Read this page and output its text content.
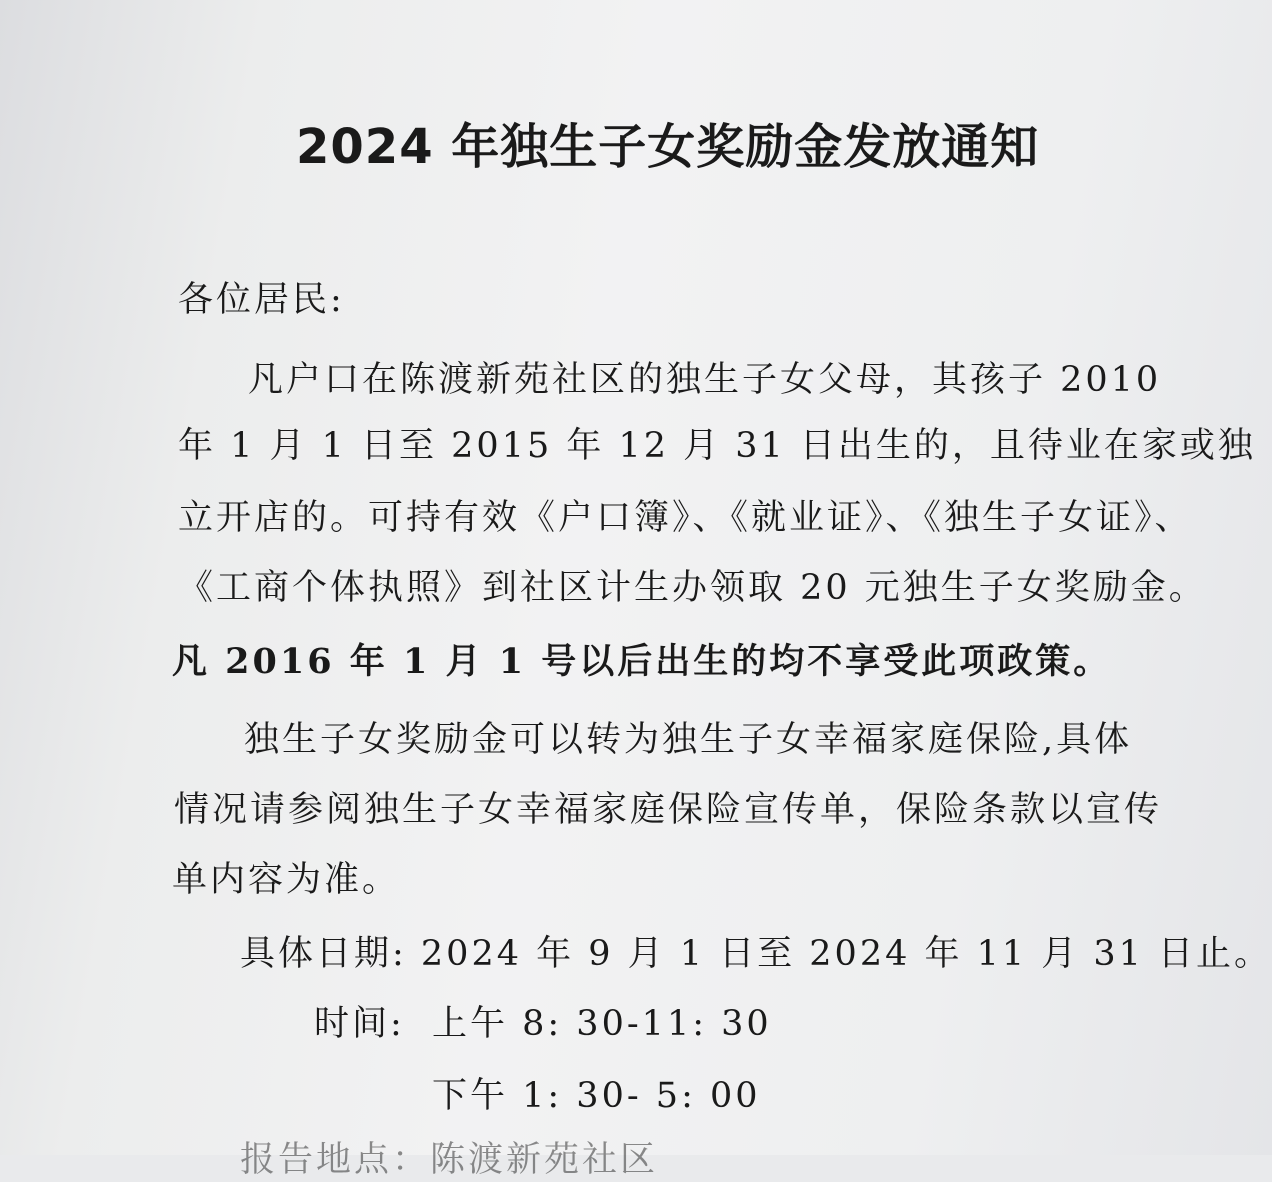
2024 年独生子女奖励金发放通知
各位居民:
凡户口在陈渡新苑社区的独生子女父母，其孩子 2010
年 1 月 1 日至 2015 年 12 月 31 日出生的，且待业在家或独
立开店的。可持有效《户口簿》、《就业证》、《独生子女证》、
《工商个体执照》到社区计生办领取 20 元独生子女奖励金。
凡 2016 年 1 月 1 号以后出生的均不享受此项政策。
独生子女奖励金可以转为独生子女幸福家庭保险,具体
情况请参阅独生子女幸福家庭保险宣传单，保险条款以宣传
单内容为准。
具体日期: 2024 年 9 月 1 日至 2024 年 11 月 31 日止。
时间: 上午 8: 30-11: 30
下午 1: 30- 5: 00
报告地点：陈渡新苑社区
